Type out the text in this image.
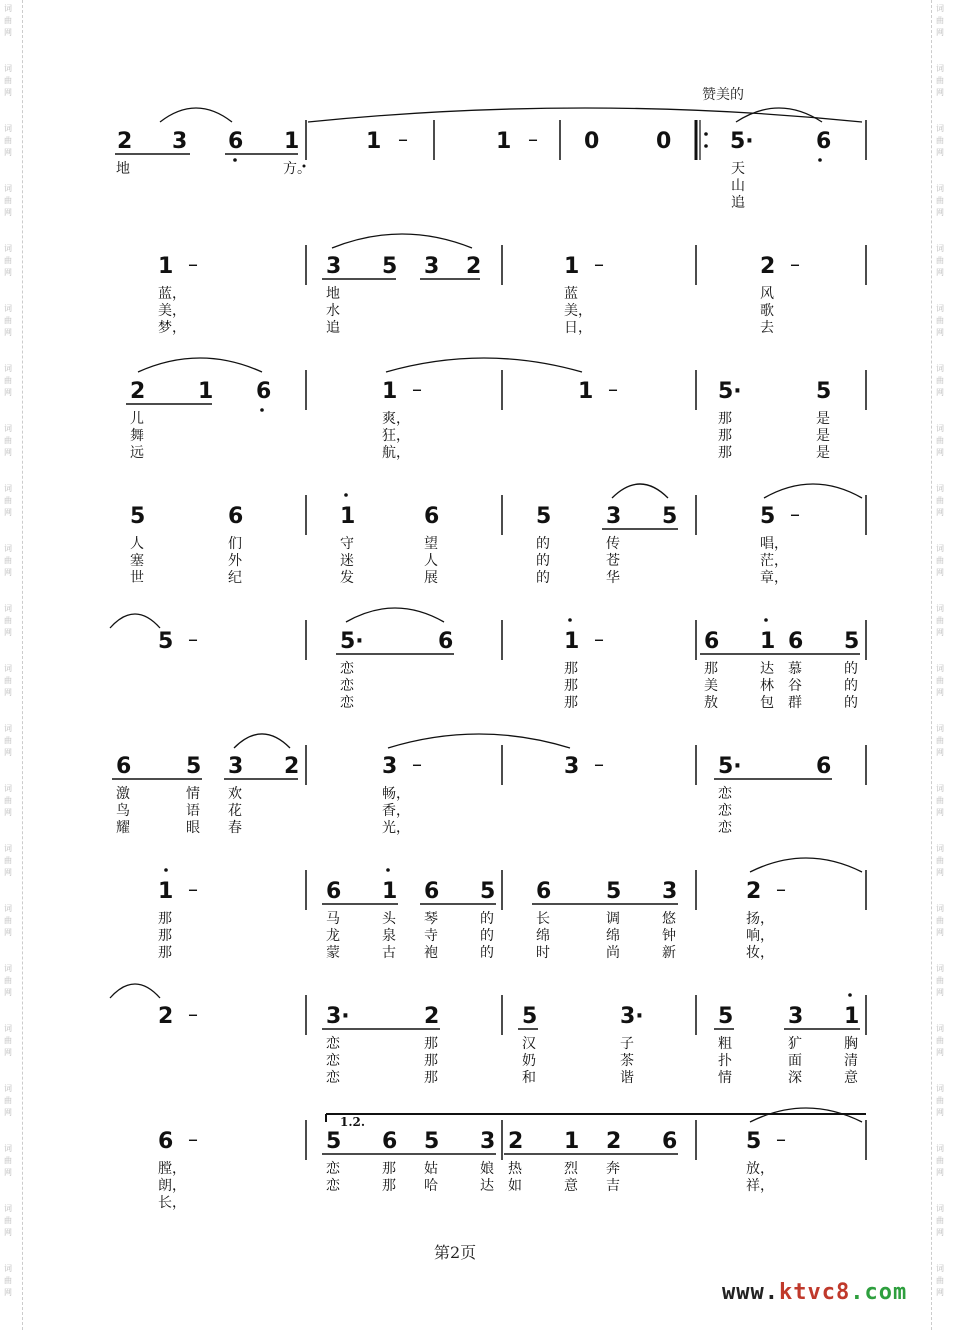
词
曲
网
词
曲
网
词
曲
网
词
曲
网
词
曲
网
词
曲
网
词
曲
网
词
曲
网
词
曲
网
词
曲
网
词
曲
网
词
曲
网
词
曲
网
词
曲
网
词
曲
网
词
曲
网
词
曲
网
词
曲
网
词
曲
网
词
曲
网
词
曲
网
词
曲
网
词
曲
网
词
曲
网
词
曲
网
词
曲
网
词
曲
网
词
曲
网
词
曲
网
词
曲
网
词
曲
网
词
曲
网
词
曲
网
词
曲
网
词
曲
网
词
曲
网
词
曲
网
词
曲
网
词
曲
网
词
曲
网
词
曲
网
词
曲
网
词
曲
网
词
曲
网
赞美的
2 3 6 1	1 –	1 – 0	0	5·	6
地	方。	天
山
追
1 –	3 5 3 2	1 –	2 –
蓝，
美，
梦，
地
水
追
蓝
美，
日，
风
歌
去
2 1 6	1 –	1 –	5·	5
儿
舞
远
爽，
狂，
航，
那
那
那
是
是
是
5	6	1	6	5 3 5	5 –
人
塞
世
们
外
纪
守
迷
发
望
人
展
的
的
的
传
苍
华
唱，
茫，
章，
5 –	5·	6	1 –	6 1 6 5
恋
恋
恋
那
那
那
那
美
敖
达
林
包
慕
谷
群
的
的
的
6 5 3 2	3 –	3 –	5·	6
激
鸟
耀
情
语
眼
欢
花
春
畅，
香，
光，
恋
恋
恋
1 –	6 1 6 5 6 5 3	2 –
那
那
那
马
龙
蒙
头
泉
古
琴
寺
袍
的
的
的
长
绵
时
调
绵
尚
悠
钟
新
扬，
响，
妆，
2 –	3·	2	5	3·	5 3 1
恋
恋
恋
那
那
那
汉
奶
和
子
茶
谐
粗
扑
情
犷
面
深
胸
清
意
6 –	5 6 5 3 2 1 2 6	5 –
膛，
朗，
长，
恋
恋
那
那
姑
哈
娘
达
热
如
烈
意
奔
吉
放，
祥，
1.2.
第2页
www.ktvc8.com
